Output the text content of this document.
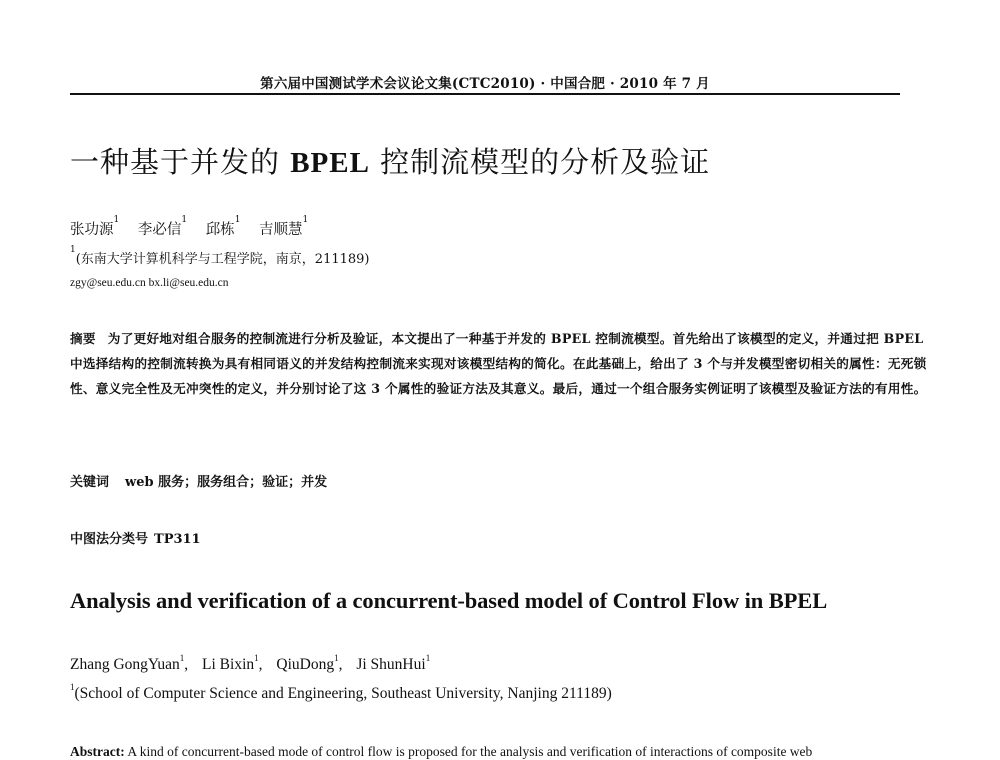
第六届中国测试学术会议论文集(CTC2010) · 中国合肥 · 2010 年 7 月
一种基于并发的 BPEL 控制流模型的分析及验证
张功源$^1$ 李必信$^1$ 邱栋$^1$ 吉顺慧$^1$
$^1$(东南大学计算机科学与工程学院，南京，211189)
zgy@seu.edu.cn bx.li@seu.edu.cn
摘要 为了更好地对组合服务的控制流进行分析及验证，本文提出了一种基于并发的 BPEL 控制流模型。首先给出了该模型的定义，并通过把 BPEL 中选择结构的控制流转换为具有相同语义的并发结构控制流来实现对该模型结构的简化。在此基础上，给出了 3 个与并发模型密切相关的属性：无死锁性、意义完全性及无冲突性的定义，并分别讨论了这 3 个属性的验证方法及其意义。最后，通过一个组合服务实例证明了该模型及验证方法的有用性。
关键词 web 服务；服务组合；验证；并发
中图法分类号 TP311
Analysis and verification of a concurrent-based model of Control Flow in BPEL
Zhang GongYuan$^1$, Li Bixin$^1$, QiuDong$^1$, Ji ShunHui$^1$
$^1$(School of Computer Science and Engineering, Southeast University, Nanjing 211189)
Abstract: A kind of concurrent-based mode of control flow is proposed for the analysis and verification of interactions of composite web
